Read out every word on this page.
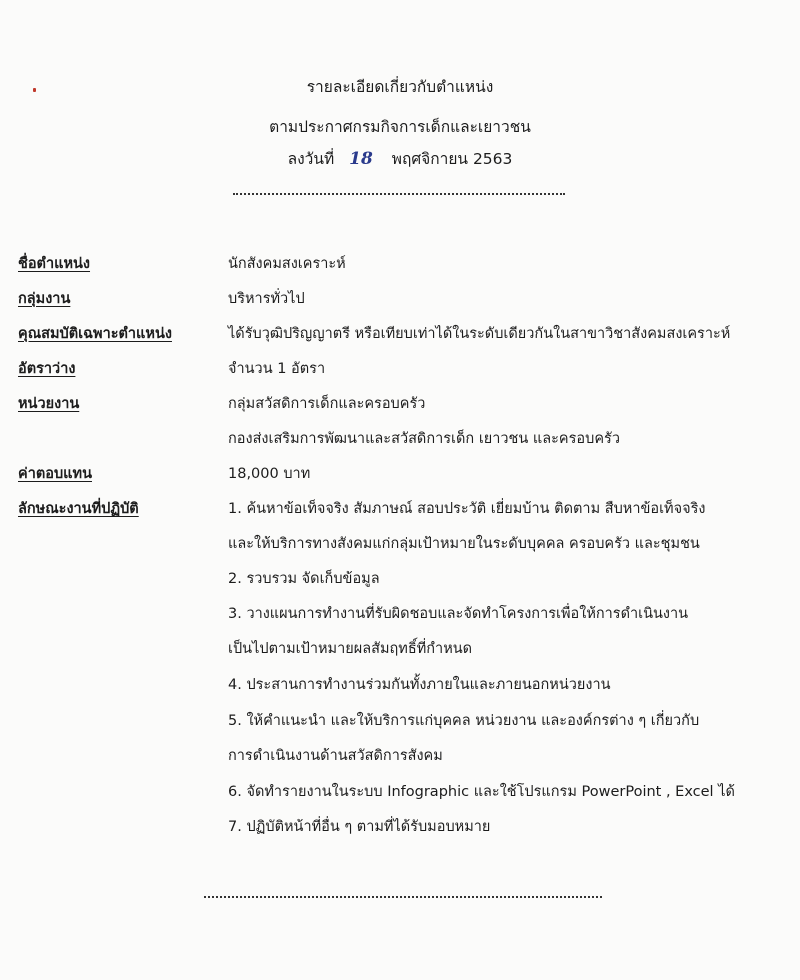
รายละเอียดเกี่ยวกับตำแหน่ง
ตามประกาศกรมกิจการเด็กและเยาวชน
ลงวันที่ 18 พฤศจิกายน 2563
ชื่อตำแหน่ง	นักสังคมสงเคราะห์
กลุ่มงาน	บริหารทั่วไป
คุณสมบัติเฉพาะตำแหน่ง	ได้รับวุฒิปริญญาตรี หรือเทียบเท่าได้ในระดับเดียวกันในสาขาวิชาสังคมสงเคราะห์
อัตราว่าง	จำนวน 1 อัตรา
หน่วยงาน	กลุ่มสวัสดิการเด็กและครอบครัว
กองส่งเสริมการพัฒนาและสวัสดิการเด็ก เยาวชน และครอบครัว
ค่าตอบแทน	18,000 บาท
ลักษณะงานที่ปฏิบัติ	1. ค้นหาข้อเท็จจริง สัมภาษณ์ สอบประวัติ เยี่ยมบ้าน ติดตาม สืบหาข้อเท็จจริง
และให้บริการทางสังคมแก่กลุ่มเป้าหมายในระดับบุคคล ครอบครัว และชุมชน
2. รวบรวม จัดเก็บข้อมูล
3. วางแผนการทำงานที่รับผิดชอบและจัดทำโครงการเพื่อให้การดำเนินงาน
เป็นไปตามเป้าหมายผลสัมฤทธิ์ที่กำหนด
4. ประสานการทำงานร่วมกันทั้งภายในและภายนอกหน่วยงาน
5. ให้คำแนะนำ และให้บริการแก่บุคคล หน่วยงาน และองค์กรต่าง ๆ เกี่ยวกับ
การดำเนินงานด้านสวัสดิการสังคม
6. จัดทำรายงานในระบบ Infographic และใช้โปรแกรม PowerPoint , Excel ได้
7. ปฏิบัติหน้าที่อื่น ๆ ตามที่ได้รับมอบหมาย
